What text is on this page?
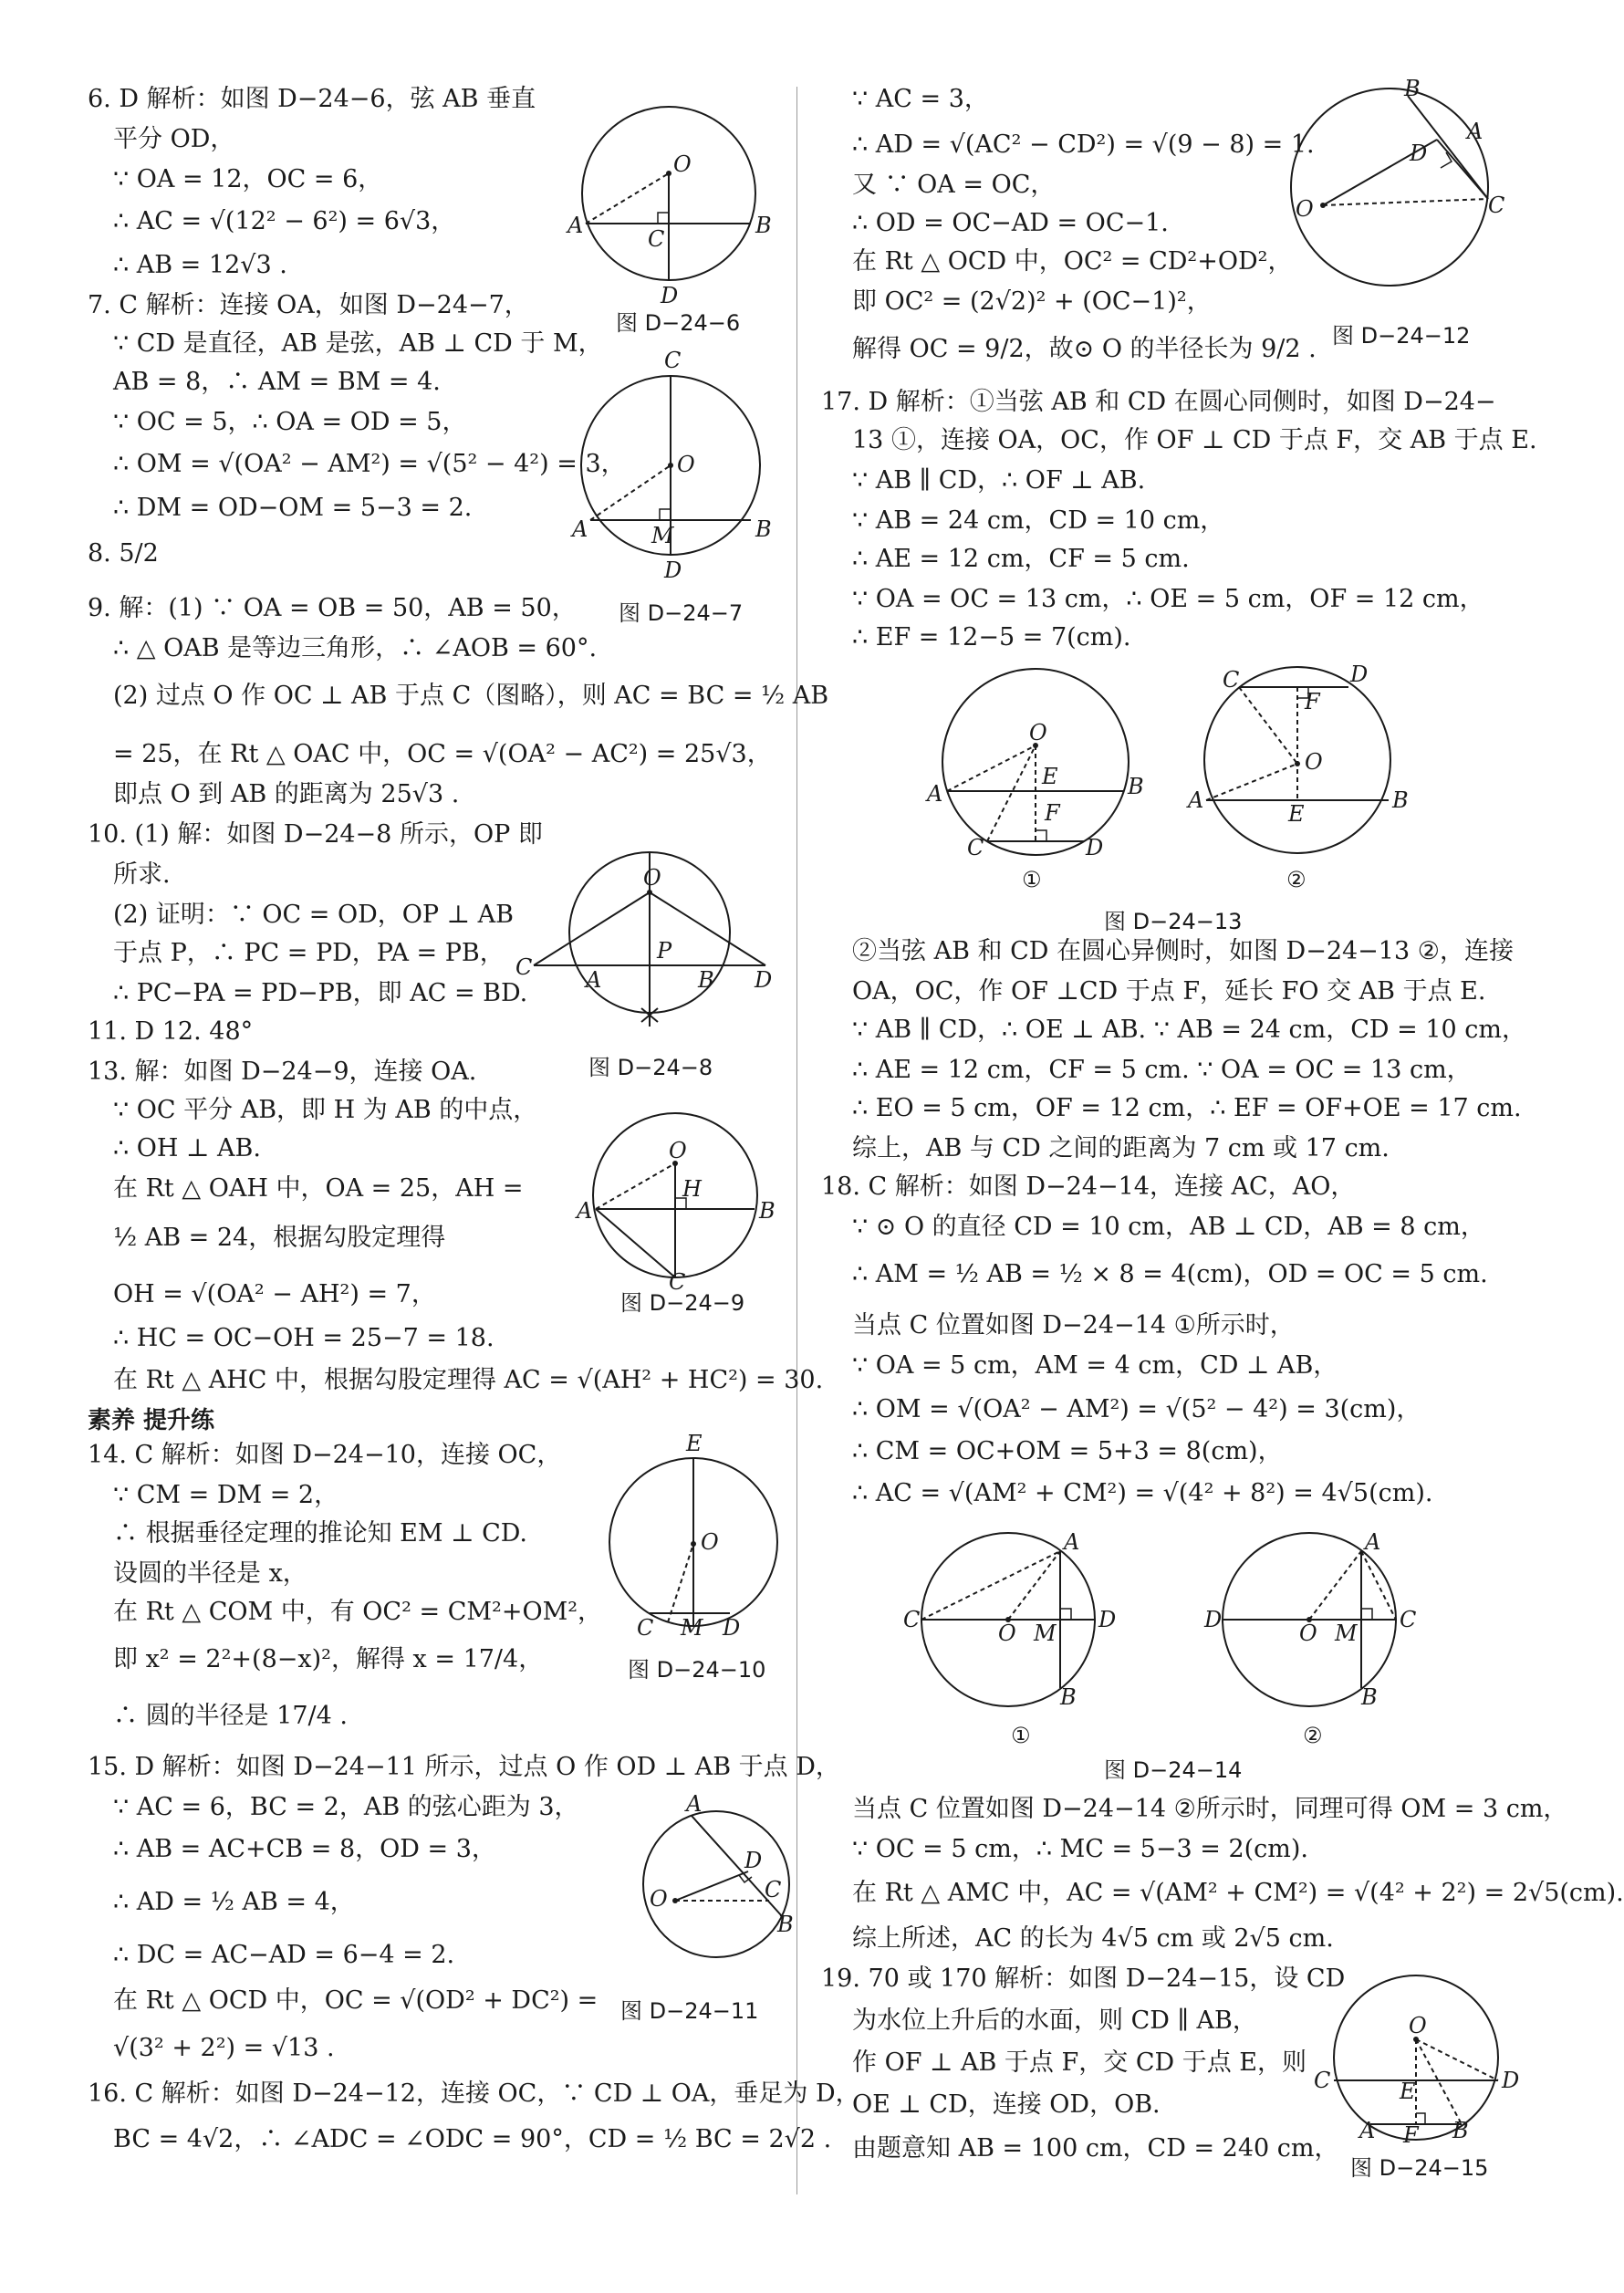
6. D 解析：如图 D−24−6，弦 AB 垂直
平分 OD，
∵ OA = 12，OC = 6，
∴ AC = √(12² − 6²) = 6√3，
∴ AB = 12√3 .
7. C 解析：连接 OA，如图 D−24−7，
∵ CD 是直径，AB 是弦，AB ⊥ CD 于 M，
AB = 8，∴ AM = BM = 4.
∵ OC = 5，∴ OA = OD = 5，
∴ OM = √(OA² − AM²) = √(5² − 4²) = 3，
∴ DM = OD−OM = 5−3 = 2.
8. 5/2
9. 解：(1) ∵ OA = OB = 50，AB = 50，
∴ △ OAB 是等边三角形，∴ ∠AOB = 60°.
(2) 过点 O 作 OC ⊥ AB 于点 C（图略），则 AC = BC = ½ AB
= 25，在 Rt △ OAC 中，OC = √(OA² − AC²) = 25√3，
即点 O 到 AB 的距离为 25√3 .
10. (1) 解：如图 D−24−8 所示，OP 即
所求.
(2) 证明：∵ OC = OD，OP ⊥ AB
于点 P，∴ PC = PD，PA = PB，
∴ PC−PA = PD−PB，即 AC = BD.
11. D 12. 48°
13. 解：如图 D−24−9，连接 OA.
∵ OC 平分 AB，即 H 为 AB 的中点，
∴ OH ⊥ AB.
在 Rt △ OAH 中，OA = 25，AH =
½ AB = 24，根据勾股定理得
OH = √(OA² − AH²) = 7，
∴ HC = OC−OH = 25−7 = 18.
在 Rt △ AHC 中，根据勾股定理得 AC = √(AH² + HC²) = 30.
素养 提升练
14. C 解析：如图 D−24−10，连接 OC，
∵ CM = DM = 2，
∴ 根据垂径定理的推论知 EM ⊥ CD.
设圆的半径是 x，
在 Rt △ COM 中，有 OC² = CM²+OM²，
即 x² = 2²+(8−x)²，解得 x = 17/4，
∴ 圆的半径是 17/4 .
15. D 解析：如图 D−24−11 所示，过点 O 作 OD ⊥ AB 于点 D，
∵ AC = 6，BC = 2，AB 的弦心距为 3，
∴ AB = AC+CB = 8，OD = 3，
∴ AD = ½ AB = 4，
∴ DC = AC−AD = 6−4 = 2.
在 Rt △ OCD 中，OC = √(OD² + DC²) =
√(3² + 2²) = √13 .
16. C 解析：如图 D−24−12，连接 OC，∵ CD ⊥ OA，垂足为 D，
BC = 4√2，∴ ∠ADC = ∠ODC = 90°，CD = ½ BC = 2√2 .
∵ AC = 3，
∴ AD = √(AC² − CD²) = √(9 − 8) = 1.
又 ∵ OA = OC，
∴ OD = OC−AD = OC−1.
在 Rt △ OCD 中，OC² = CD²+OD²，
即 OC² = (2√2)² + (OC−1)²，
解得 OC = 9/2，故⊙ O 的半径长为 9/2 .
17. D 解析：①当弦 AB 和 CD 在圆心同侧时，如图 D−24−
13 ①，连接 OA，OC，作 OF ⊥ CD 于点 F，交 AB 于点 E.
∵ AB ∥ CD，∴ OF ⊥ AB.
∵ AB = 24 cm，CD = 10 cm，
∴ AE = 12 cm，CF = 5 cm.
∵ OA = OC = 13 cm，∴ OE = 5 cm，OF = 12 cm，
∴ EF = 12−5 = 7(cm).
②当弦 AB 和 CD 在圆心异侧时，如图 D−24−13 ②，连接
OA，OC，作 OF ⊥CD 于点 F，延长 FO 交 AB 于点 E.
∵ AB ∥ CD，∴ OE ⊥ AB. ∵ AB = 24 cm，CD = 10 cm，
∴ AE = 12 cm，CF = 5 cm. ∵ OA = OC = 13 cm，
∴ EO = 5 cm，OF = 12 cm，∴ EF = OF+OE = 17 cm.
综上，AB 与 CD 之间的距离为 7 cm 或 17 cm.
18. C 解析：如图 D−24−14，连接 AC，AO，
∵ ⊙ O 的直径 CD = 10 cm，AB ⊥ CD，AB = 8 cm，
∴ AM = ½ AB = ½ × 8 = 4(cm)，OD = OC = 5 cm.
当点 C 位置如图 D−24−14 ①所示时，
∵ OA = 5 cm，AM = 4 cm，CD ⊥ AB，
∴ OM = √(OA² − AM²) = √(5² − 4²) = 3(cm)，
∴ CM = OC+OM = 5+3 = 8(cm)，
∴ AC = √(AM² + CM²) = √(4² + 8²) = 4√5(cm).
当点 C 位置如图 D−24−14 ②所示时，同理可得 OM = 3 cm，
∵ OC = 5 cm，∴ MC = 5−3 = 2(cm).
在 Rt △ AMC 中，AC = √(AM² + CM²) = √(4² + 2²) = 2√5(cm).
综上所述，AC 的长为 4√5 cm 或 2√5 cm.
19. 70 或 170 解析：如图 D−24−15，设 CD
为水位上升后的水面，则 CD ∥ AB，
作 OF ⊥ AB 于点 F，交 CD 于点 E，则
OE ⊥ CD，连接 OD，OB.
由题意知 AB = 100 cm，CD = 240 cm，
O
A	B
C
D
图 D−24−6
C
O
A	B
M
D
图 D−24−7
O
C A
P
B D
图 D−24−8
O
H
A	B
C
图 D−24−9
E
O
C M D
图 D−24−10
A
D
C
B
O
图 D−24−11
B
A
D
C
O
图 D−24−12
O
E
F
A	B
C	D
C	D
F
O
A	B
E
①	②
图 D−24−13
A
C
O M
D
B
A
D
O M
C
B
①	②
图 D−24−14
O
C	E	D
A F B
图 D−24−15
